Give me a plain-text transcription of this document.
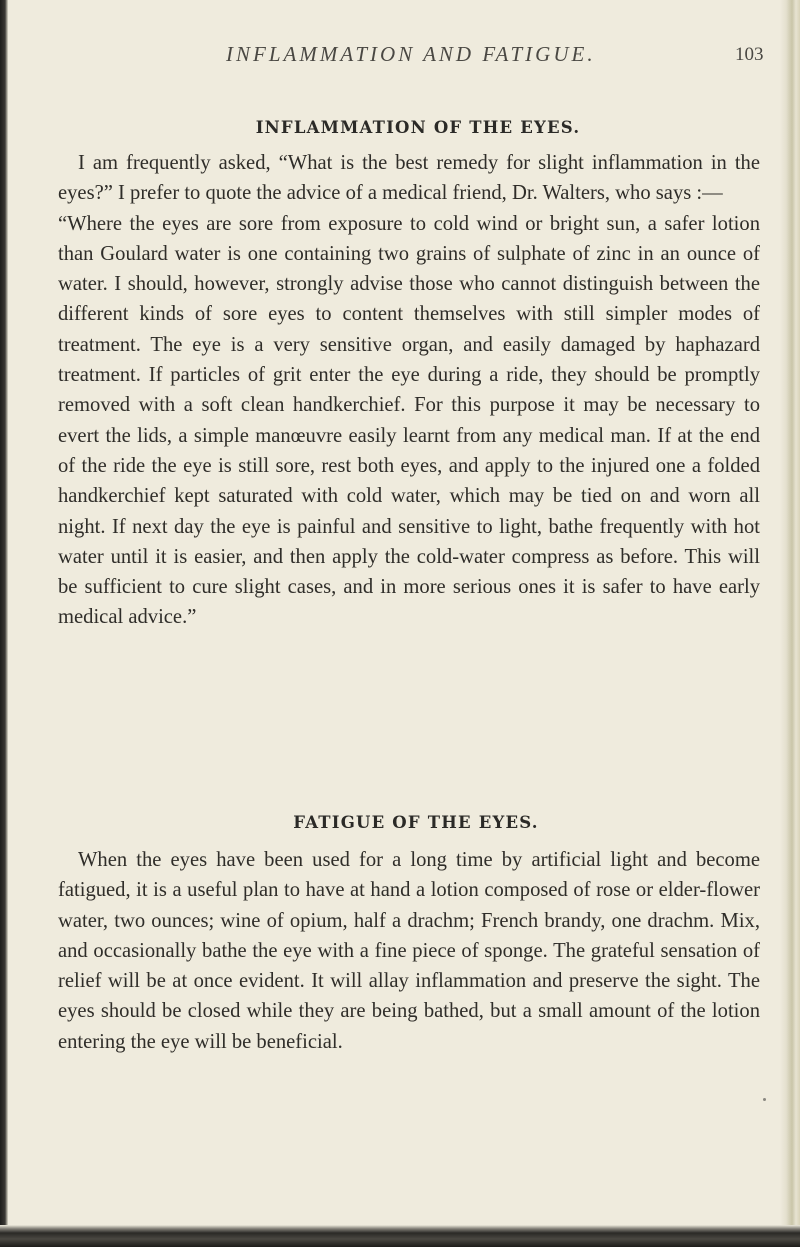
INFLAMMATION AND FATIGUE.	103
INFLAMMATION OF THE EYES.

I am frequently asked, “What is the best remedy for slight inflammation in the eyes?” I prefer to quote the advice of a medical friend, Dr. Walters, who says :—

“Where the eyes are sore from exposure to cold wind or bright sun, a safer lotion than Goulard water is one containing two grains of sulphate of zinc in an ounce of water. I should, however, strongly advise those who cannot distinguish between the different kinds of sore eyes to content themselves with still simpler modes of treatment. The eye is a very sensitive organ, and easily damaged by haphazard treatment. If particles of grit enter the eye during a ride, they should be promptly removed with a soft clean handkerchief. For this purpose it may be necessary to evert the lids, a simple manœuvre easily learnt from any medical man. If at the end of the ride the eye is still sore, rest both eyes, and apply to the injured one a folded handkerchief kept saturated with cold water, which may be tied on and worn all night. If next day the eye is painful and sensitive to light, bathe frequently with hot water until it is easier, and then apply the cold-water compress as before. This will be sufficient to cure slight cases, and in more serious ones it is safer to have early medical advice.”

FATIGUE OF THE EYES.

When the eyes have been used for a long time by artificial light and become fatigued, it is a useful plan to have at hand a lotion composed of rose or elder-flower water, two ounces; wine of opium, half a drachm; French brandy, one drachm. Mix, and occasionally bathe the eye with a fine piece of sponge. The grateful sensation of relief will be at once evident. It will allay inflammation and preserve the sight. The eyes should be closed while they are being bathed, but a small amount of the lotion entering the eye will be beneficial.
